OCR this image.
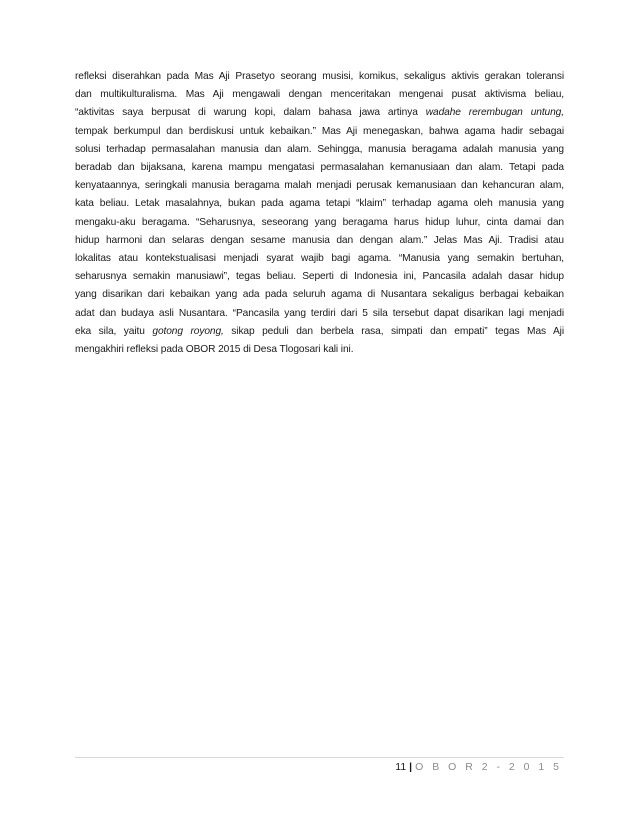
refleksi diserahkan pada Mas Aji Prasetyo seorang musisi, komikus, sekaligus aktivis gerakan toleransi
dan multikulturalisma. Mas Aji mengawali dengan menceritakan mengenai pusat aktivisma beliau,
“aktivitas saya berpusat di warung kopi, dalam bahasa jawa artinya wadahe rerembugan untung,
tempak berkumpul dan berdiskusi untuk kebaikan.” Mas Aji menegaskan, bahwa agama hadir sebagai
solusi terhadap permasalahan manusia dan alam. Sehingga, manusia beragama adalah manusia yang
beradab dan bijaksana, karena mampu mengatasi permasalahan kemanusiaan dan alam. Tetapi pada
kenyataannya, seringkali manusia beragama malah menjadi perusak kemanusiaan dan kehancuran alam,
kata beliau. Letak masalahnya, bukan pada agama tetapi “klaim” terhadap agama oleh manusia yang
mengaku-aku beragama. “Seharusnya, seseorang yang beragama harus hidup luhur, cinta damai dan
hidup harmoni dan selaras dengan sesame manusia dan dengan alam.” Jelas Mas Aji. Tradisi atau
lokalitas atau kontekstualisasi menjadi syarat wajib bagi agama. “Manusia yang semakin bertuhan,
seharusnya semakin manusiawi”, tegas beliau. Seperti di Indonesia ini, Pancasila adalah dasar hidup
yang disarikan dari kebaikan yang ada pada seluruh agama di Nusantara sekaligus berbagai kebaikan
adat dan budaya asli Nusantara. “Pancasila yang terdiri dari 5 sila tersebut dapat disarikan lagi menjadi
eka sila, yaitu gotong royong, sikap peduli dan berbela rasa, simpati dan empati” tegas Mas Aji
mengakhiri refleksi pada OBOR 2015 di Desa Tlogosari kali ini.
11 | O B O R 2 - 2 0 1 5
